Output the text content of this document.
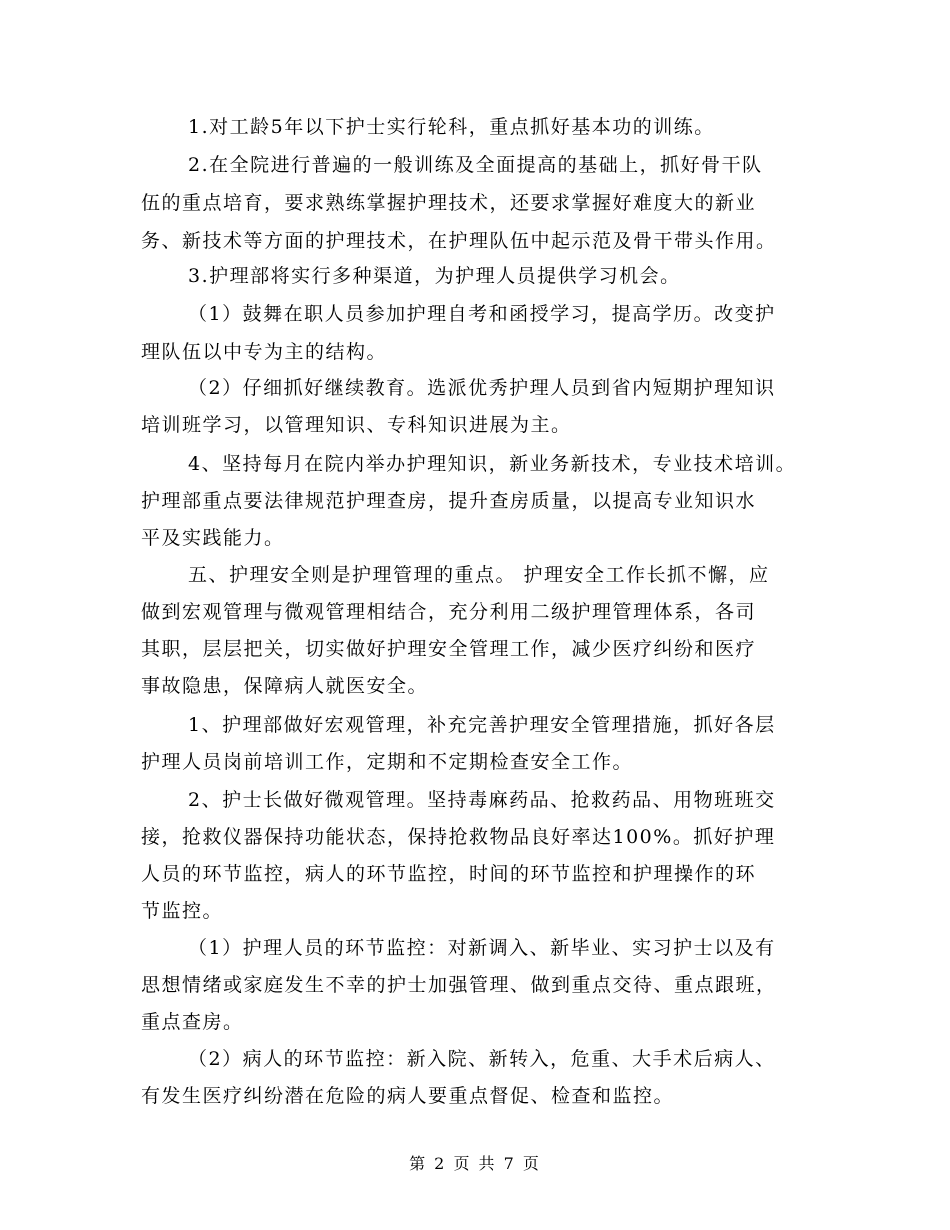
1.对工龄5年以下护士实行轮科，重点抓好基本功的训练。
2.在全院进行普遍的一般训练及全面提高的基础上，抓好骨干队
伍的重点培育，要求熟练掌握护理技术，还要求掌握好难度大的新业
务、新技术等方面的护理技术，在护理队伍中起示范及骨干带头作用。
3.护理部将实行多种渠道，为护理人员提供学习机会。
（1）鼓舞在职人员参加护理自考和函授学习，提高学历。改变护
理队伍以中专为主的结构。
（2）仔细抓好继续教育。选派优秀护理人员到省内短期护理知识
培训班学习，以管理知识、专科知识进展为主。
4、坚持每月在院内举办护理知识，新业务新技术，专业技术培训。
护理部重点要法律规范护理查房，提升查房质量，以提高专业知识水
平及实践能力。
五、护理安全则是护理管理的重点。 护理安全工作长抓不懈，应
做到宏观管理与微观管理相结合，充分利用二级护理管理体系，各司
其职，层层把关，切实做好护理安全管理工作，减少医疗纠纷和医疗
事故隐患，保障病人就医安全。
1、护理部做好宏观管理，补充完善护理安全管理措施，抓好各层
护理人员岗前培训工作，定期和不定期检查安全工作。
2、护士长做好微观管理。坚持毒麻药品、抢救药品、用物班班交
接，抢救仪器保持功能状态，保持抢救物品良好率达100%。抓好护理
人员的环节监控，病人的环节监控，时间的环节监控和护理操作的环
节监控。
（1）护理人员的环节监控：对新调入、新毕业、实习护士以及有
思想情绪或家庭发生不幸的护士加强管理、做到重点交待、重点跟班，
重点查房。
（2）病人的环节监控：新入院、新转入，危重、大手术后病人、
有发生医疗纠纷潜在危险的病人要重点督促、检查和监控。
第 2 页 共 7 页
